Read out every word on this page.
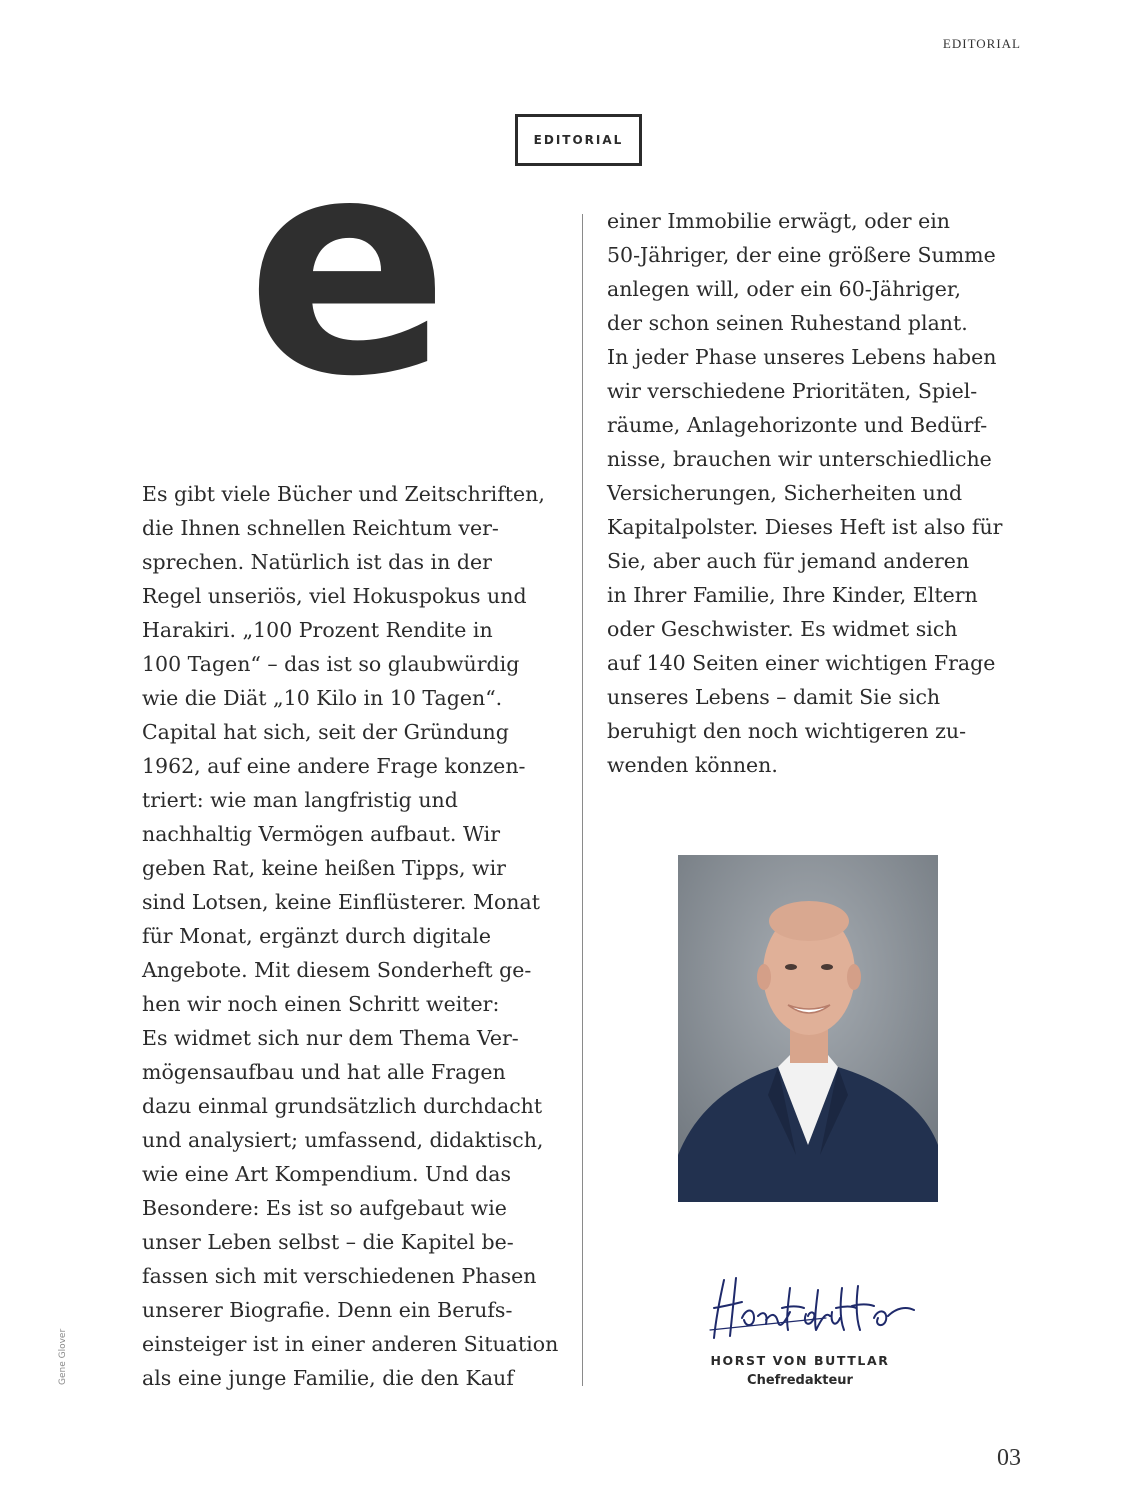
EDITORIAL
EDITORIAL
e

Es gibt viele Bücher und Zeitschriften,
die Ihnen schnellen Reichtum ver-
sprechen. Natürlich ist das in der
Regel unseriös, viel Hokuspokus und
Harakiri. „100 Prozent Rendite in
100 Tagen“ – das ist so glaubwürdig
wie die Diät „10 Kilo in 10 Tagen“.
Capital hat sich, seit der Gründung
1962, auf eine andere Frage konzen-
triert: wie man langfristig und
nachhaltig Vermögen aufbaut. Wir
geben Rat, keine heißen Tipps, wir
sind Lotsen, keine Einflüsterer. Monat
für Monat, ergänzt durch digitale
Angebote. Mit diesem Sonderheft ge-
hen wir noch einen Schritt weiter:
Es widmet sich nur dem Thema Ver-
mögensaufbau und hat alle Fragen
dazu einmal grundsätzlich durchdacht
und analysiert; umfassend, didaktisch,
wie eine Art Kompendium. Und das
Besondere: Es ist so aufgebaut wie
unser Leben selbst – die Kapitel be-
fassen sich mit verschiedenen Phasen
unserer Biografie. Denn ein Berufs-
einsteiger ist in einer anderen Situation
als eine junge Familie, die den Kauf

einer Immobilie erwägt, oder ein
50-Jähriger, der eine größere Summe
anlegen will, oder ein 60-Jähriger,
der schon seinen Ruhestand plant.
In jeder Phase unseres Lebens haben
wir verschiedene Prioritäten, Spiel-
räume, Anlagehorizonte und Bedürf-
nisse, brauchen wir unterschiedliche
Versicherungen, Sicherheiten und
Kapitalpolster. Dieses Heft ist also für
Sie, aber auch für jemand anderen
in Ihrer Familie, Ihre Kinder, Eltern
oder Geschwister. Es widmet sich
auf 140 Seiten einer wichtigen Frage
unseres Lebens – damit Sie sich
beruhigt den noch wichtigeren zu-
wenden können.

HORST VON BUTTLAR
Chefredakteur
Gene Glover
03
